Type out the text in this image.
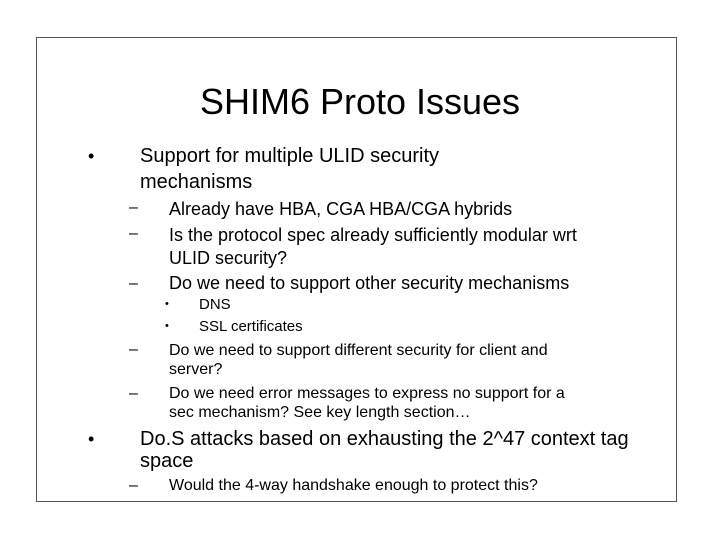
SHIM6 Proto Issues
• Support for multiple ULID security
mechanisms
– Already have HBA, CGA HBA/CGA hybrids
– Is the protocol spec already sufficiently modular wrt
ULID security?
– Do we need to support other security mechanisms
• DNS
• SSL certificates
– Do we need to support different security for client and
server?
– Do we need error messages to express no support for a
sec mechanism? See key length section…
• Do.S attacks based on exhausting the 2^47 context tag
space
– Would the 4-way handshake enough to protect this?
